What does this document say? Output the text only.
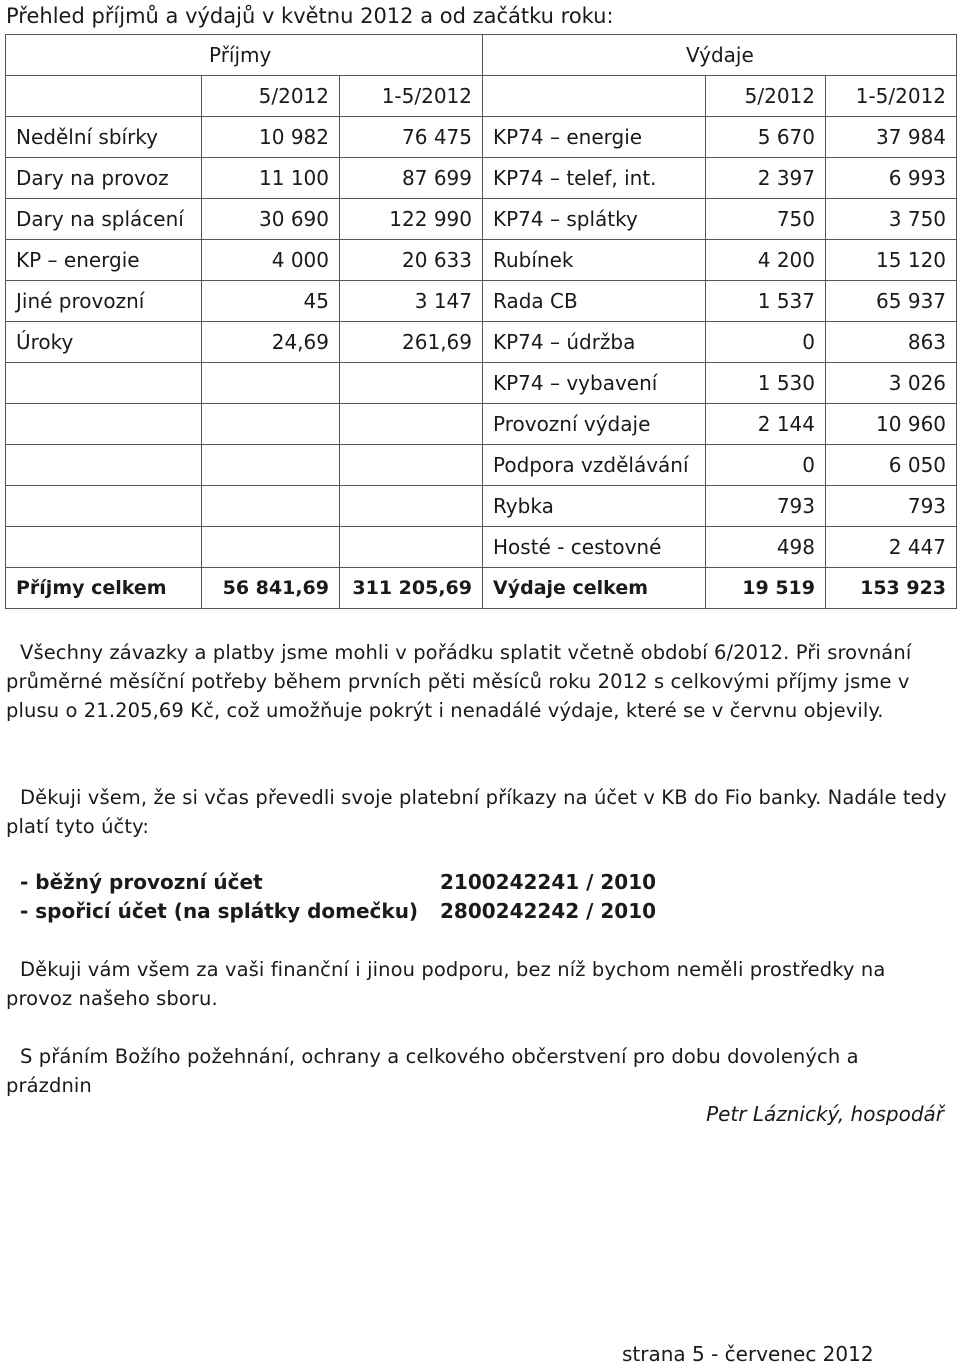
Přehled příjmů a výdajů v květnu 2012 a od začátku roku:
Příjmy			Výdaje		
	5/2012	1-5/2012		5/2012	1-5/2012
Nedělní sbírky	10 982	76 475	KP74 – energie	5 670	37 984
Dary na provoz	11 100	87 699	KP74 – telef, int.	2 397	6 993
Dary na splácení	30 690	122 990	KP74 – splátky	750	3 750
KP – energie	4 000	20 633	Rubínek	4 200	15 120
Jiné provozní	45	3 147	Rada CB	1 537	65 937
Úroky	24,69	261,69	KP74 – údržba	0	863
			KP74 – vybavení	1 530	3 026
			Provozní výdaje	2 144	10 960
			Podpora vzdělávání	0	6 050
			Rybka	793	793
			Hosté - cestovné	498	2 447
Příjmy celkem	56 841,69	311 205,69	Výdaje celkem	19 519	153 923
Všechny závazky a platby jsme mohli v pořádku splatit včetně období 6/2012. Při srovnání průměrné měsíční potřeby během prvních pěti měsíců roku 2012 s celkovými příjmy jsme v plusu o 21.205,69 Kč, což umožňuje pokrýt i nenadálé výdaje, které se v červnu objevily.
Děkuji všem, že si včas převedli svoje platební příkazy na účet v KB do Fio banky. Nadále tedy platí tyto účty:
- běžný provozní účet	2100242241 / 2010
- spořicí účet (na splátky domečku) 2800242242 / 2010
Děkuji vám všem za vaši finanční i jinou podporu, bez níž bychom neměli prostředky na provoz našeho sboru.
S přáním Božího požehnání, ochrany a celkového občerstvení pro dobu dovolených a prázdnin
Petr Láznický, hospodář
strana 5 - červenec 2012
